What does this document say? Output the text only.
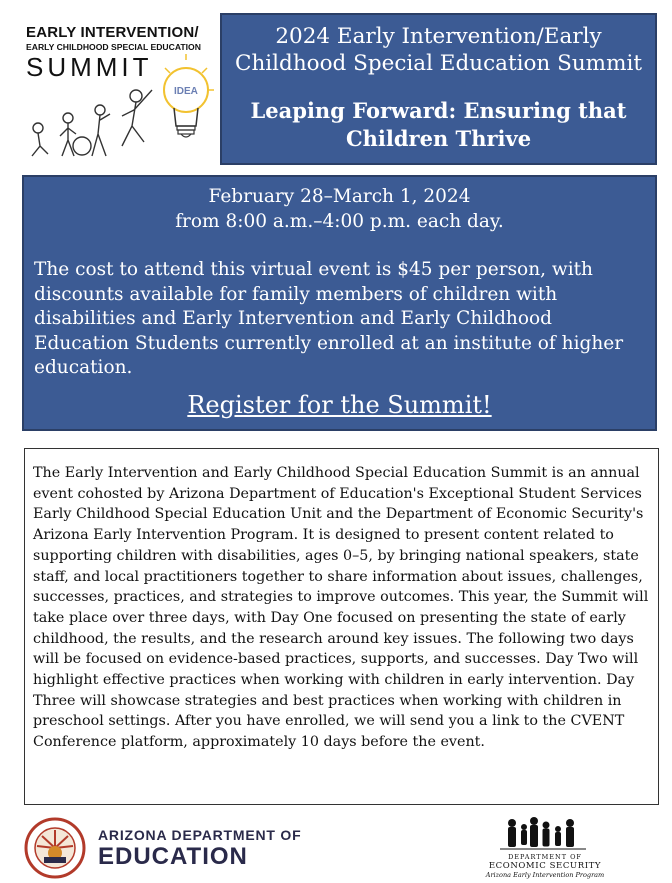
EARLY INTERVENTION/
EARLY CHILDHOOD SPECIAL EDUCATION
SUMMIT
IDEA
2024 Early Intervention/Early Childhood Special Education Summit
Leaping Forward: Ensuring that Children Thrive
February 28–March 1, 2024
from 8:00 a.m.–4:00 p.m. each day.
The cost to attend this virtual event is $45 per person, with discounts available for family members of children with disabilities and Early Intervention and Early Childhood Education Students currently enrolled at an institute of higher education.
Register for the Summit!
The Early Intervention and Early Childhood Special Education Summit is an annual event cohosted by Arizona Department of Education's Exceptional Student Services Early Childhood Special Education Unit and the Department of Economic Security's Arizona Early Intervention Program. It is designed to present content related to supporting children with disabilities, ages 0–5, by bringing national speakers, state staff, and local practitioners together to share information about issues, challenges, successes, practices, and strategies to improve outcomes. This year, the Summit will take place over three days, with Day One focused on presenting the state of early childhood, the results, and the research around key issues. The following two days will be focused on evidence-based practices, supports, and successes. Day Two will highlight effective practices when working with children in early intervention. Day Three will showcase strategies and best practices when working with children in preschool settings. After you have enrolled, we will send you a link to the CVENT Conference platform, approximately 10 days before the event.
ARIZONA DEPARTMENT OF
EDUCATION	DEPARTMENT OF
ECONOMIC SECURITY
Arizona Early Intervention Program
